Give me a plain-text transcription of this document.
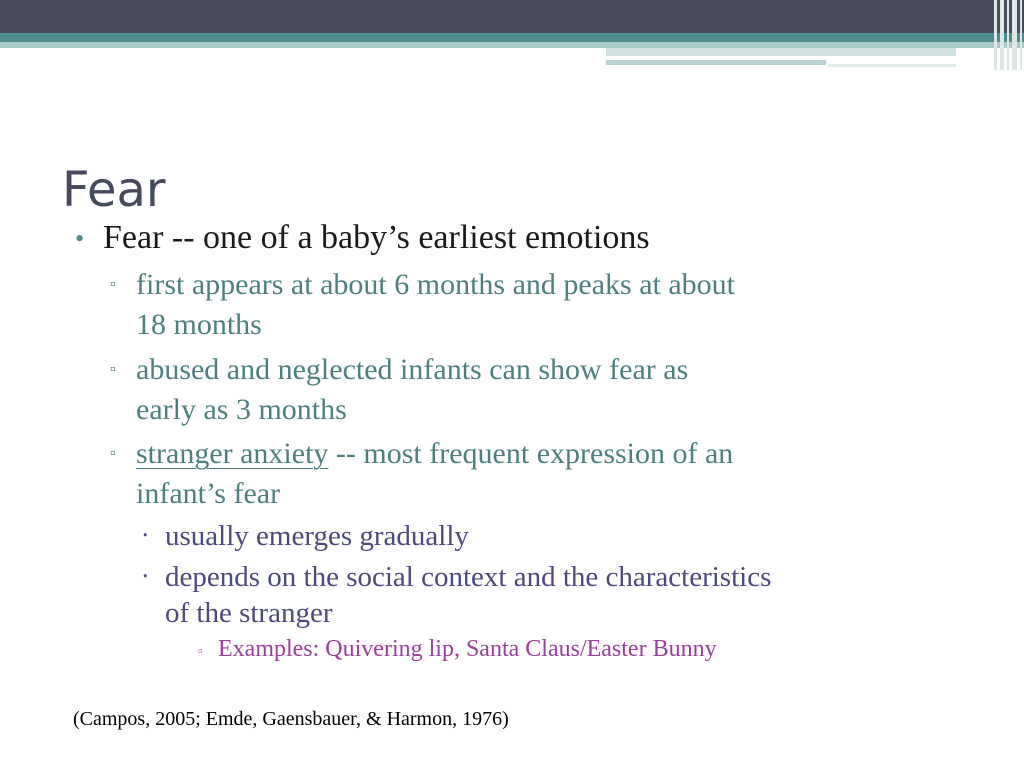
Fear
• Fear -- one of a baby’s earliest emotions
▫ first appears at about 6 months and peaks at about
18 months
▫ abused and neglected infants can show fear as
early as 3 months
▫ stranger anxiety -- most frequent expression of an
infant’s fear
⸱ usually emerges gradually
⸱ depends on the social context and the characteristics
of the stranger
▫ Examples: Quivering lip, Santa Claus/Easter Bunny
(Campos, 2005; Emde, Gaensbauer, & Harmon, 1976)
